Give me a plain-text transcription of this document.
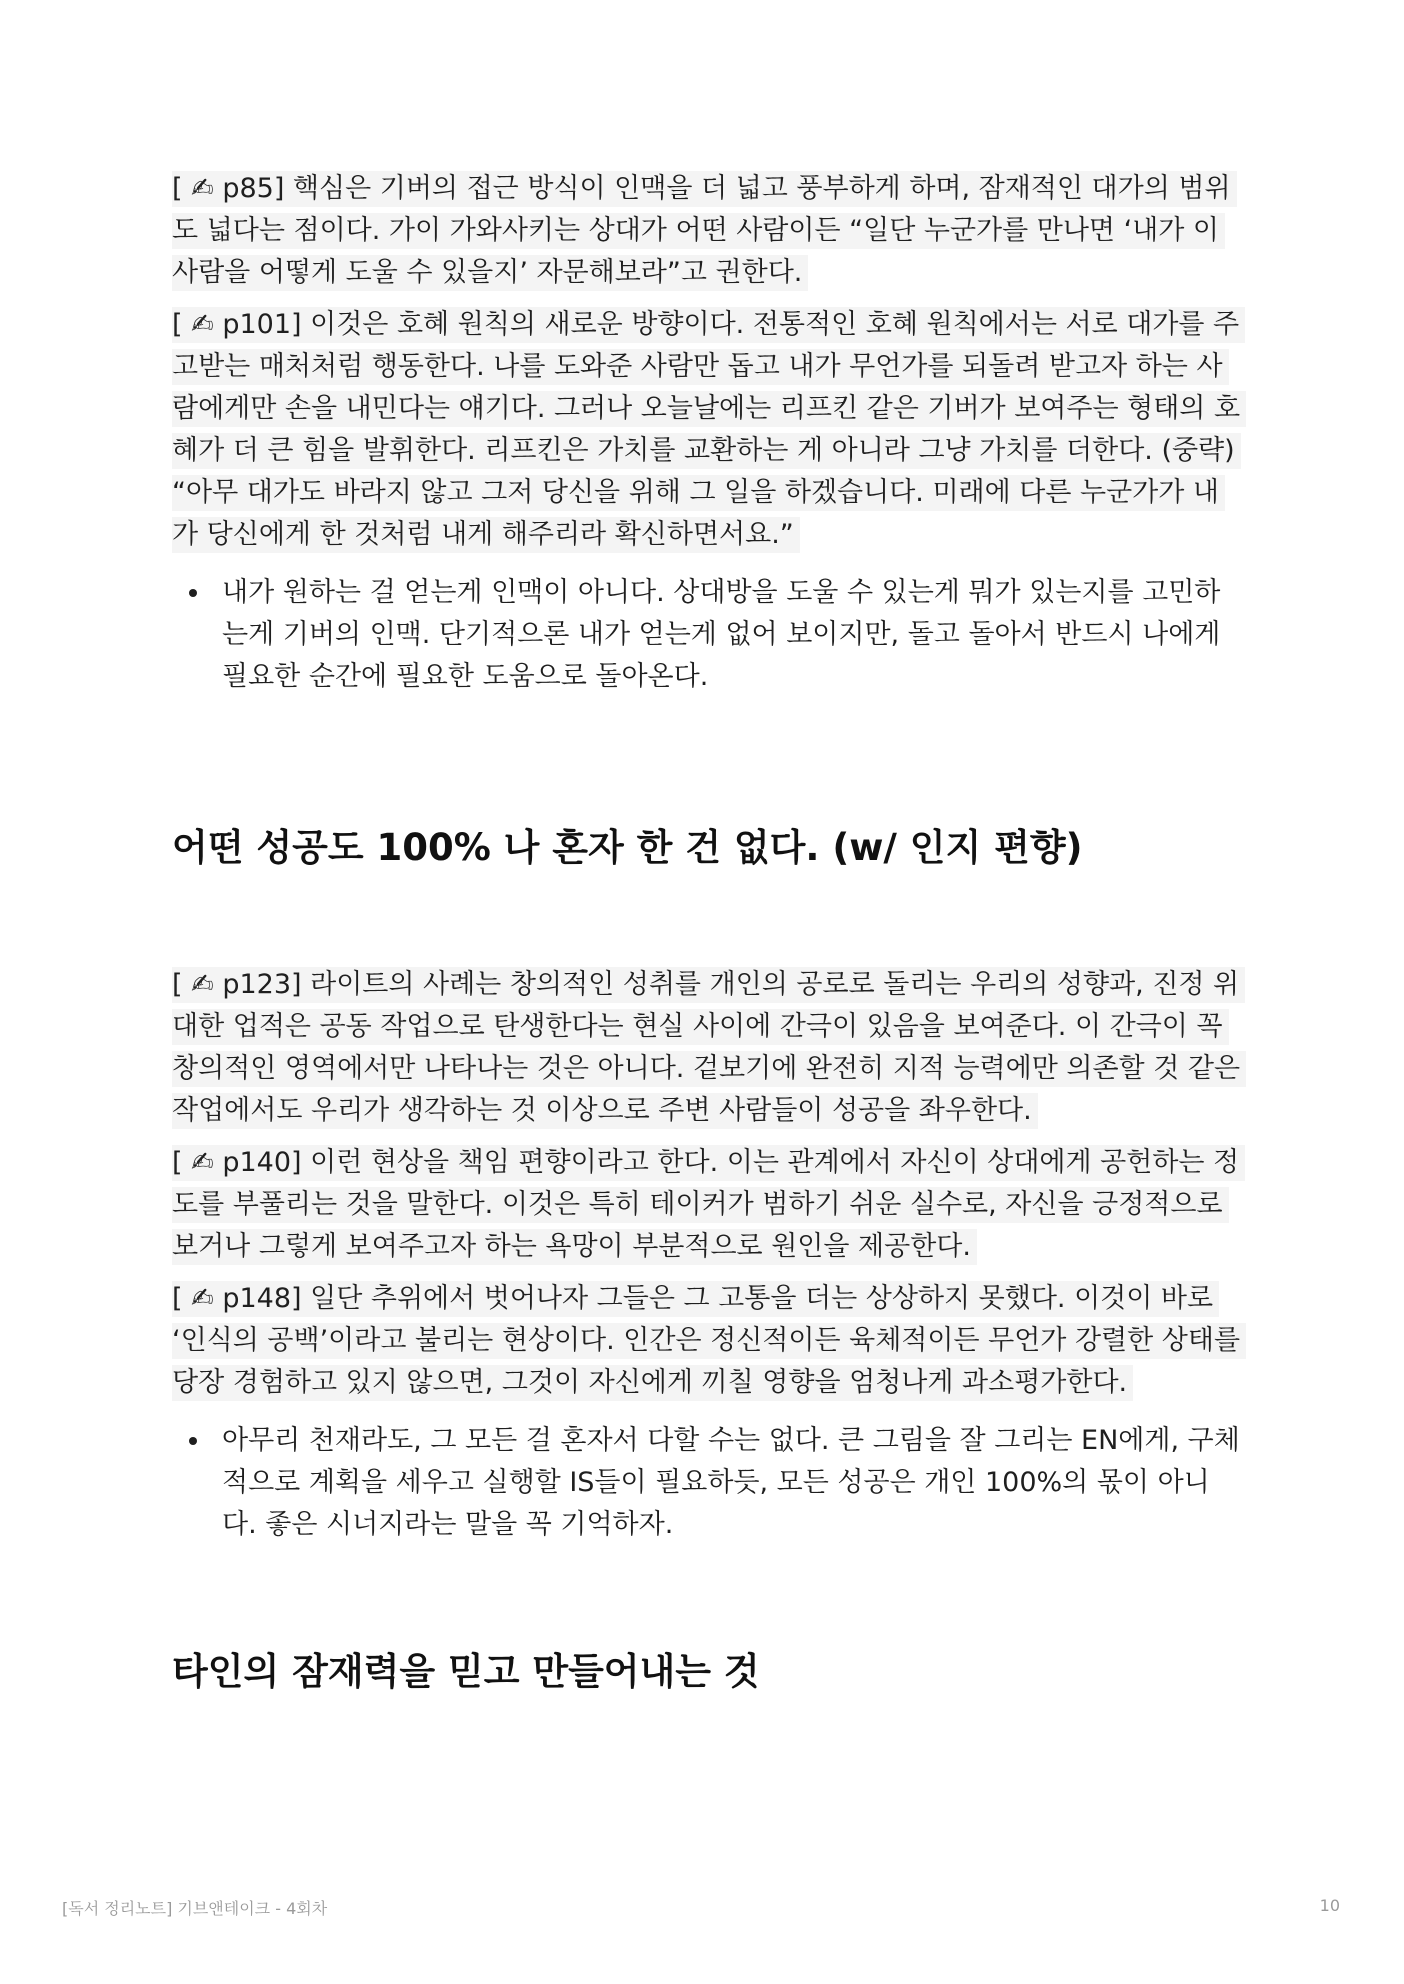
[ ✍ p85] 핵심은 기버의 접근 방식이 인맥을 더 넓고 풍부하게 하며, 잠재적인 대가의 범위도 넓다는 점이다. 가이 가와사키는 상대가 어떤 사람이든 “일단 누군가를 만나면 ‘내가 이 사람을 어떻게 도울 수 있을지’ 자문해보라”고 권한다.

[ ✍ p101] 이것은 호혜 원칙의 새로운 방향이다. 전통적인 호혜 원칙에서는 서로 대가를 주고받는 매처처럼 행동한다. 나를 도와준 사람만 돕고 내가 무언가를 되돌려 받고자 하는 사람에게만 손을 내민다는 얘기다. 그러나 오늘날에는 리프킨 같은 기버가 보여주는 형태의 호혜가 더 큰 힘을 발휘한다. 리프킨은 가치를 교환하는 게 아니라 그냥 가치를 더한다. (중략) “아무 대가도 바라지 않고 그저 당신을 위해 그 일을 하겠습니다. 미래에 다른 누군가가 내가 당신에게 한 것처럼 내게 해주리라 확신하면서요.”

내가 원하는 걸 얻는게 인맥이 아니다. 상대방을 도울 수 있는게 뭐가 있는지를 고민하는게 기버의 인맥. 단기적으론 내가 얻는게 없어 보이지만, 돌고 돌아서 반드시 나에게 필요한 순간에 필요한 도움으로 돌아온다.
어떤 성공도 100% 나 혼자 한 건 없다. (w/ 인지 편향)

[ ✍ p123] 라이트의 사례는 창의적인 성취를 개인의 공로로 돌리는 우리의 성향과, 진정 위대한 업적은 공동 작업으로 탄생한다는 현실 사이에 간극이 있음을 보여준다. 이 간극이 꼭 창의적인 영역에서만 나타나는 것은 아니다. 겉보기에 완전히 지적 능력에만 의존할 것 같은 작업에서도 우리가 생각하는 것 이상으로 주변 사람들이 성공을 좌우한다.

[ ✍ p140] 이런 현상을 책임 편향이라고 한다. 이는 관계에서 자신이 상대에게 공헌하는 정도를 부풀리는 것을 말한다. 이것은 특히 테이커가 범하기 쉬운 실수로, 자신을 긍정적으로 보거나 그렇게 보여주고자 하는 욕망이 부분적으로 원인을 제공한다.

[ ✍ p148] 일단 추위에서 벗어나자 그들은 그 고통을 더는 상상하지 못했다. 이것이 바로 ‘인식의 공백’이라고 불리는 현상이다. 인간은 정신적이든 육체적이든 무언가 강렬한 상태를 당장 경험하고 있지 않으면, 그것이 자신에게 끼칠 영향을 엄청나게 과소평가한다.

아무리 천재라도, 그 모든 걸 혼자서 다할 수는 없다. 큰 그림을 잘 그리는 EN에게, 구체적으로 계획을 세우고 실행할 IS들이 필요하듯, 모든 성공은 개인 100%의 몫이 아니다. 좋은 시너지라는 말을 꼭 기억하자.
타인의 잠재력을 믿고 만들어내는 것
[독서 정리노트] 기브앤테이크 - 4회차	10
